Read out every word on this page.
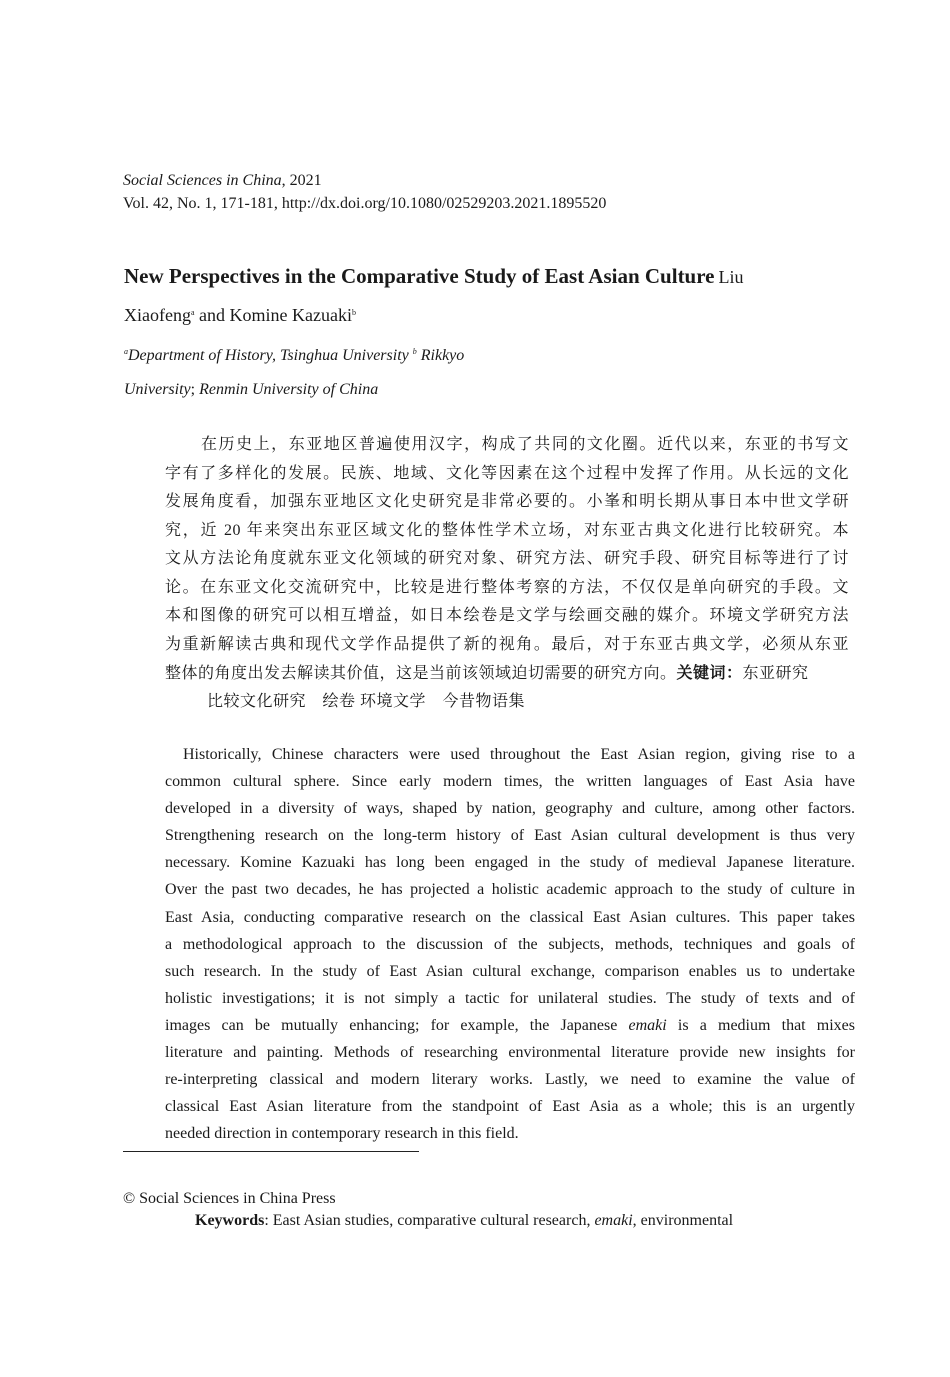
Social Sciences in China, 2021
Vol. 42, No. 1, 171-181, http://dx.doi.org/10.1080/02529203.2021.1895520
New Perspectives in the Comparative Study of East Asian Culture Liu
Xiaofeng$^a$ and Komine Kazuaki$^b$
$^a$Department of History, Tsinghua University $^b$ Rikkyo
University; Renmin University of China
在历史上，东亚地区普遍使用汉字，构成了共同的文化圈。近代以来，东亚的书写文
字有了多样化的发展。民族、地域、文化等因素在这个过程中发挥了作用。从长远的文化
发展角度看，加强东亚地区文化史研究是非常必要的。小峯和明长期从事日本中世文学研
究，近 20 年来突出东亚区域文化的整体性学术立场，对东亚古典文化进行比较研究。本
文从方法论角度就东亚文化领域的研究对象、研究方法、研究手段、研究目标等进行了讨
论。在东亚文化交流研究中，比较是进行整体考察的方法，不仅仅是单向研究的手段。文
本和图像的研究可以相互增益，如日本绘卷是文学与绘画交融的媒介。环境文学研究方法
为重新解读古典和现代文学作品提供了新的视角。最后，对于东亚古典文学，必须从东亚
整体的角度出发去解读其价值，这是当前该领域迫切需要的研究方向。关键词：东亚研究
比较文化研究　绘卷 环境文学　今昔物语集
Historically, Chinese characters were used throughout the East Asian region, giving rise to a
common cultural sphere. Since early modern times, the written languages of East Asia have
developed in a diversity of ways, shaped by nation, geography and culture, among other factors.
Strengthening research on the long-term history of East Asian cultural development is thus very
necessary. Komine Kazuaki has long been engaged in the study of medieval Japanese literature.
Over the past two decades, he has projected a holistic academic approach to the study of culture in
East Asia, conducting comparative research on the classical East Asian cultures. This paper takes
a methodological approach to the discussion of the subjects, methods, techniques and goals of
such research. In the study of East Asian cultural exchange, comparison enables us to undertake
holistic investigations; it is not simply a tactic for unilateral studies. The study of texts and of
images can be mutually enhancing; for example, the Japanese emaki is a medium that mixes
literature and painting. Methods of researching environmental literature provide new insights for
re-interpreting classical and modern literary works. Lastly, we need to examine the value of
classical East Asian literature from the standpoint of East Asia as a whole; this is an urgently
needed direction in contemporary research in this field.
© Social Sciences in China Press
Keywords: East Asian studies, comparative cultural research, emaki, environmental
